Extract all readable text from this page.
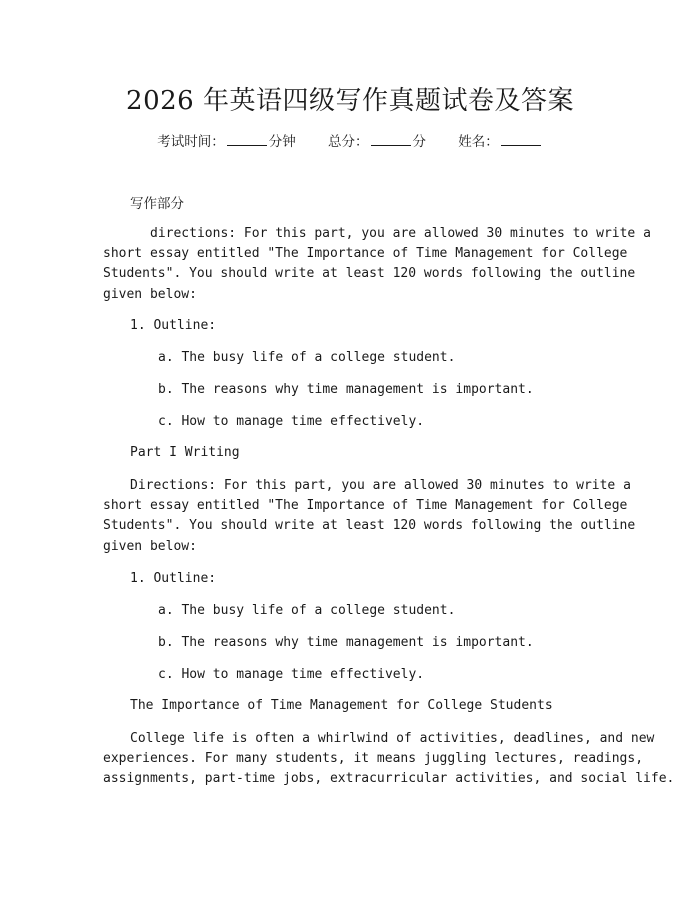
2026 年英语四级写作真题试卷及答案
考试时间：	分钟 总分：	分 姓名：
写作部分
directions: For this part, you are allowed 30 minutes to write a
short essay entitled "The Importance of Time Management for College
Students". You should write at least 120 words following the outline
given below:
1. Outline:
a. The busy life of a college student.
b. The reasons why time management is important.
c. How to manage time effectively.
Part I Writing
Directions: For this part, you are allowed 30 minutes to write a
short essay entitled "The Importance of Time Management for College
Students". You should write at least 120 words following the outline
given below:
1. Outline:
a. The busy life of a college student.
b. The reasons why time management is important.
c. How to manage time effectively.
The Importance of Time Management for College Students
College life is often a whirlwind of activities, deadlines, and new
experiences. For many students, it means juggling lectures, readings,
assignments, part-time jobs, extracurricular activities, and social life.
